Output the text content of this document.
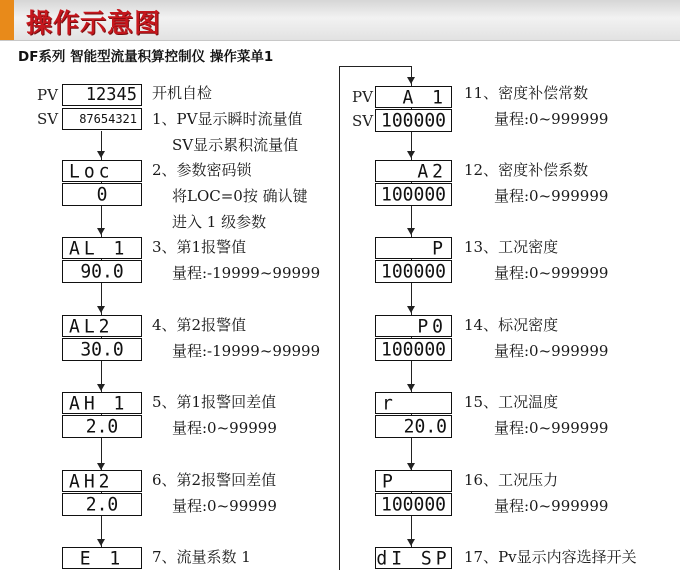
操作示意图
DF系列 智能型流量积算控制仪 操作菜单1
PV
SV
PV
SV
12345
87654321
开机自检
1、PV显示瞬时流量值
SV显示累积流量值
Loc
0
2、参数密码锁
将LOC=0按 确认键
进入 1 级参数
AL 1
90.0
3、第1报警值
量程:-19999~99999
AL2
30.0
4、第2报警值
量程:-19999~99999
AH 1
2.0
5、第1报警回差值
量程:0~99999
AH2
2.0
6、第2报警回差值
量程:0~99999
E 1 7、流量系数 1
A 1
100000
11、密度补偿常数
量程:0~999999
A2
100000
12、密度补偿系数
量程:0~999999
P
100000
13、工况密度
量程:0~999999
P0
100000
14、标况密度
量程:0~999999
r
20.0
15、工况温度
量程:0~999999
P
100000
16、工况压力
量程:0~999999
dI SP 17、Pv显示内容选择开关
